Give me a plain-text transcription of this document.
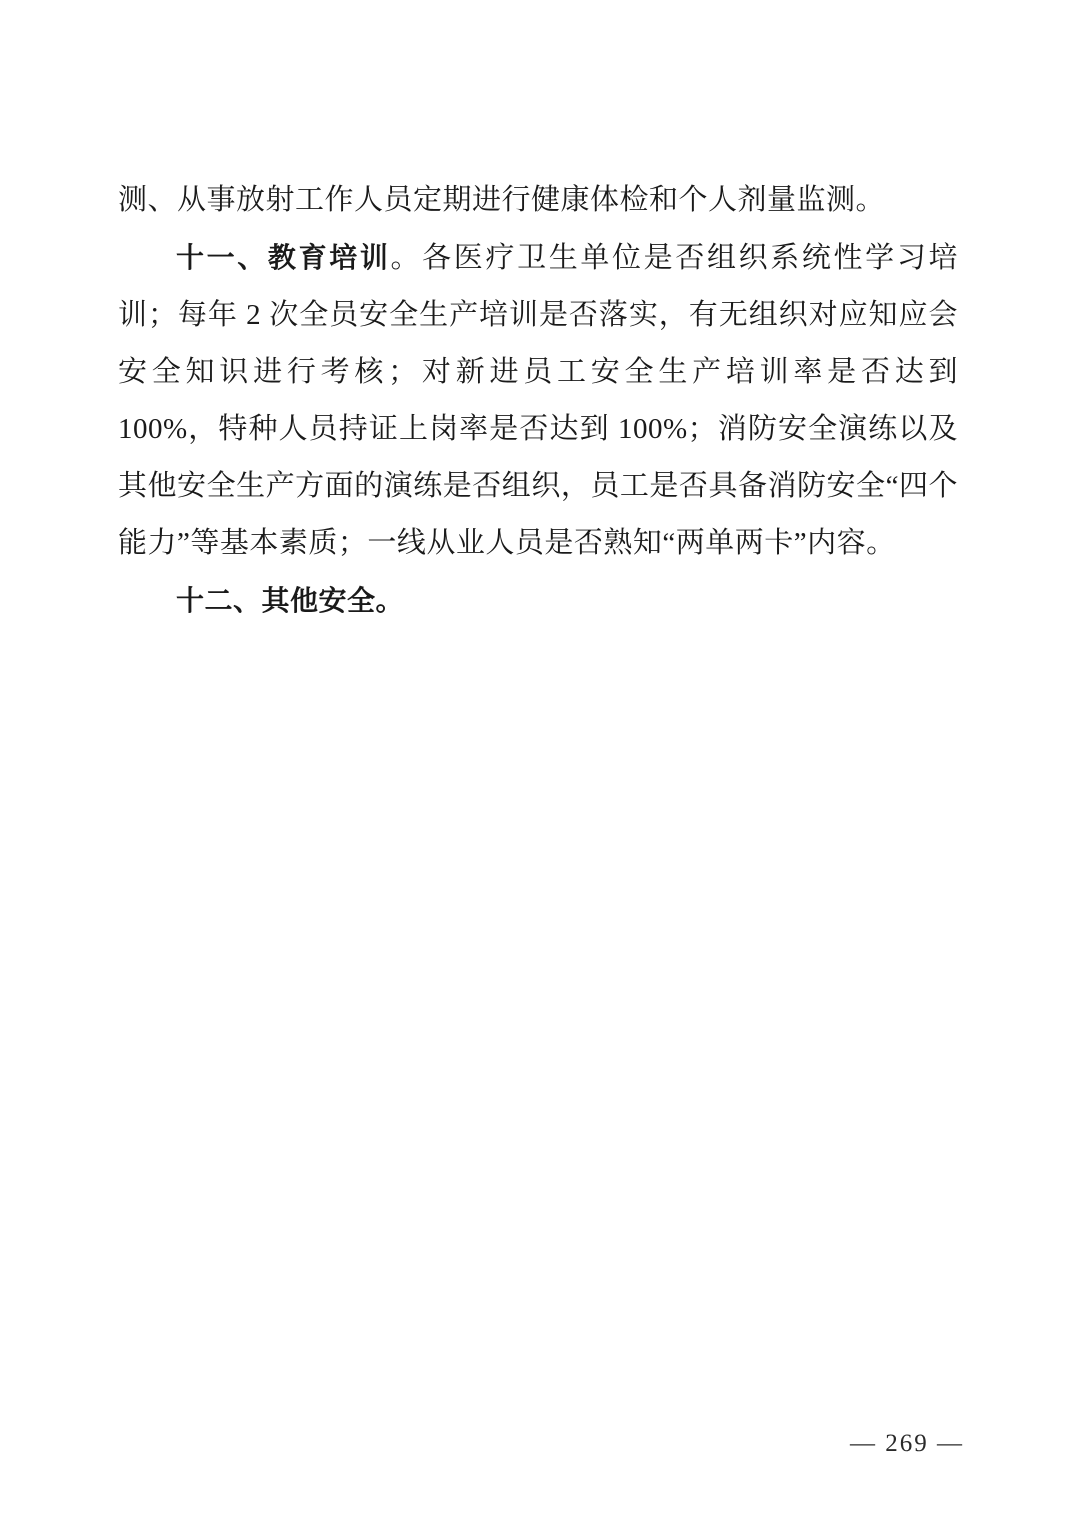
测、从事放射工作人员定期进行健康体检和个人剂量监测。

十一、教育培训。各医疗卫生单位是否组织系统性学习培训；每年 2 次全员安全生产培训是否落实，有无组织对应知应会安全知识进行考核；对新进员工安全生产培训率是否达到 100%，特种人员持证上岗率是否达到 100%；消防安全演练以及其他安全生产方面的演练是否组织，员工是否具备消防安全“四个能力”等基本素质；一线从业人员是否熟知“两单两卡”内容。

十二、其他安全。

— 269 —
